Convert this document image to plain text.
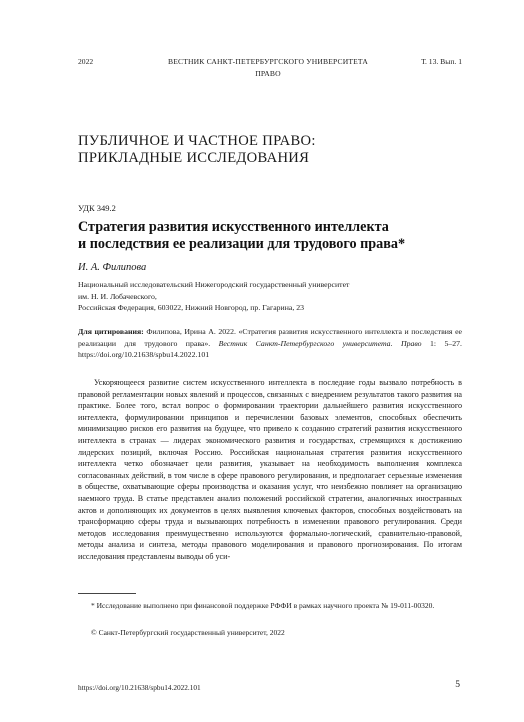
2022	ВЕСТНИК САНКТ-ПЕТЕРБУРГСКОГО УНИВЕРСИТЕТА
ПРАВО
Т. 13. Вып. 1
ПУБЛИЧНОЕ И ЧАСТНОЕ ПРАВО:
ПРИКЛАДНЫЕ ИССЛЕДОВАНИЯ
УДК 349.2
Стратегия развития искусственного интеллекта
и последствия ее реализации для трудового права*
И. А. Филипова
Национальный исследовательский Нижегородский государственный университет
им. Н. И. Лобачевского,
Российская Федерация, 603022, Нижний Новгород, пр. Гагарина, 23
Для цитирования: Филипова, Ирина А. 2022. «Стратегия развития искусственного интеллекта и последствия ее реализации для трудового права». Вестник Санкт-Петербургского университета. Право 1: 5–27. https://doi.org/10.21638/spbu14.2022.101
Ускоряющееся развитие систем искусственного интеллекта в последние годы вызвало потребность в правовой регламентации новых явлений и процессов, связанных с внедрением результатов такого развития на практике. Более того, встал вопрос о формировании траектории дальнейшего развития искусственного интеллекта, формулировании принципов и перечислении базовых элементов, способных обеспечить минимизацию рисков его развития на будущее, что привело к созданию стратегий развития искусственного интеллекта в странах — лидерах экономического развития и государствах, стремящихся к достижению лидерских позиций, включая Россию. Российская национальная стратегия развития искусственного интеллекта четко обозначает цели развития, указывает на необходимость выполнения комплекса согласованных действий, в том числе в сфере правового регулирования, и предполагает серьезные изменения в обществе, охватывающие сферы производства и оказания услуг, что неизбежно повлияет на организацию наемного труда. В статье представлен анализ положений российской стратегии, аналогичных иностранных актов и дополняющих их документов в целях выявления ключевых факторов, способных воздействовать на трансформацию сферы труда и вызывающих потребность в изменении правового регулирования. Среди методов исследования преимущественно используются формально-логический, сравнительно-правовой, методы анализа и синтеза, методы правового моделирования и правового прогнозирования. По итогам исследования представлены выводы об уси-
* Исследование выполнено при финансовой поддержке РФФИ в рамках научного проекта № 19-011-00320.
© Санкт-Петербургский государственный университет, 2022
https://doi.org/10.21638/spbu14.2022.101	5
